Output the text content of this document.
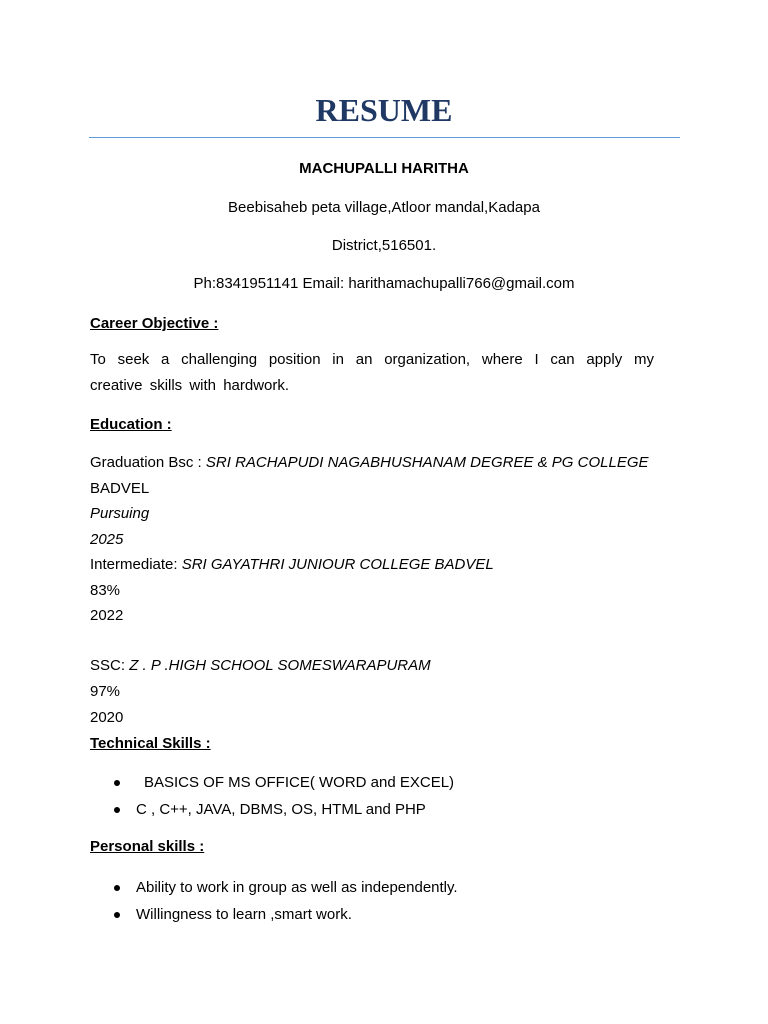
RESUME
MACHUPALLI HARITHA
Beebisaheb peta village,Atloor mandal,Kadapa
District,516501.
Ph:8341951141 Email: harithamachupalli766@gmail.com
Career Objective :
To seek a challenging position in an organization, where I can apply my creative skills with hardwork.
Education :
Graduation Bsc : SRI RACHAPUDI NAGABHUSHANAM DEGREE & PG COLLEGE
BADVEL
Pursuing
2025
Intermediate: SRI GAYATHRI JUNIOUR COLLEGE BADVEL
83%
2022
SSC: Z . P .HIGH SCHOOL SOMESWARAPURAM
97%
2020
Technical Skills :
BASICS OF MS OFFICE( WORD and EXCEL)
C , C++, JAVA, DBMS, OS, HTML and PHP
Personal skills :
Ability to work in group as well as independently.
Willingness to learn ,smart work.
